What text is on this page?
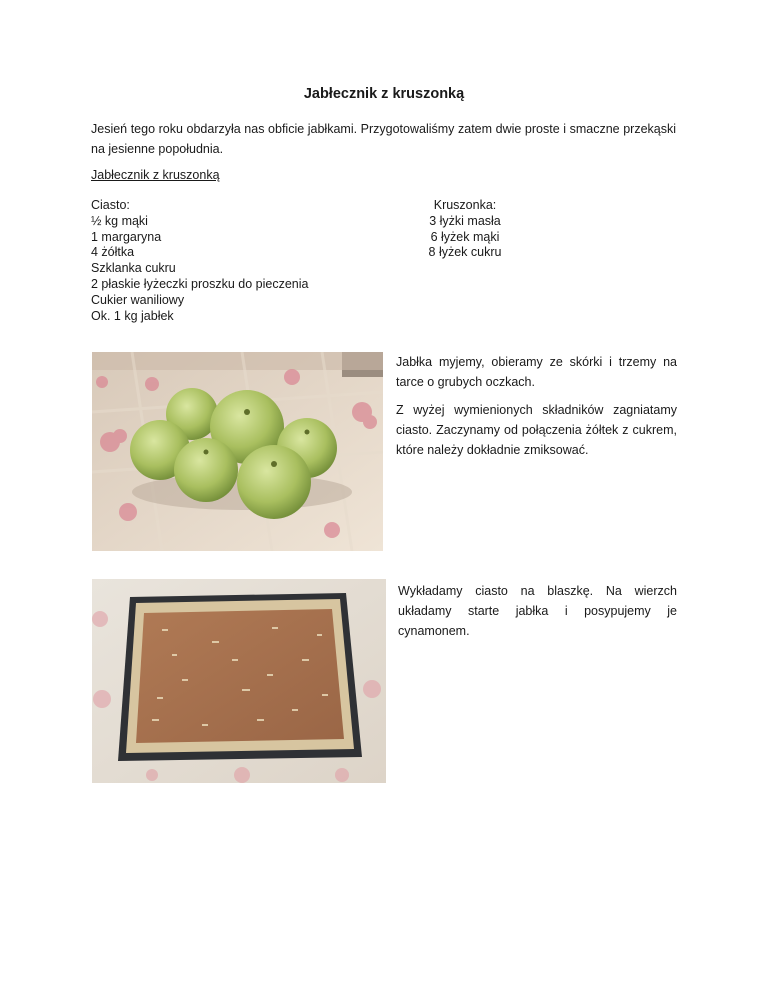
Jabłecznik z kruszonką
Jesień tego roku obdarzyła nas obficie jabłkami. Przygotowaliśmy zatem dwie proste i smaczne przekąski na jesienne popołudnia.
Jabłecznik z kruszonką
Ciasto:
½ kg mąki
1 margaryna
4 żółtka
Szklanka cukru
2 płaskie łyżeczki proszku do pieczenia
Cukier waniliowy
Ok. 1 kg jabłek
Kruszonka:
3 łyżki masła
6 łyżek mąki
8 łyżek cukru
Jabłka myjemy, obieramy ze skórki i trzemy na tarce o grubych oczkach.
Z wyżej wymienionych składników zagniatamy ciasto. Zaczynamy od połączenia żółtek z cukrem, które należy dokładnie zmiksować.
Wykładamy ciasto na blaszkę. Na wierzch układamy starte jabłka i posypujemy je cynamonem.
